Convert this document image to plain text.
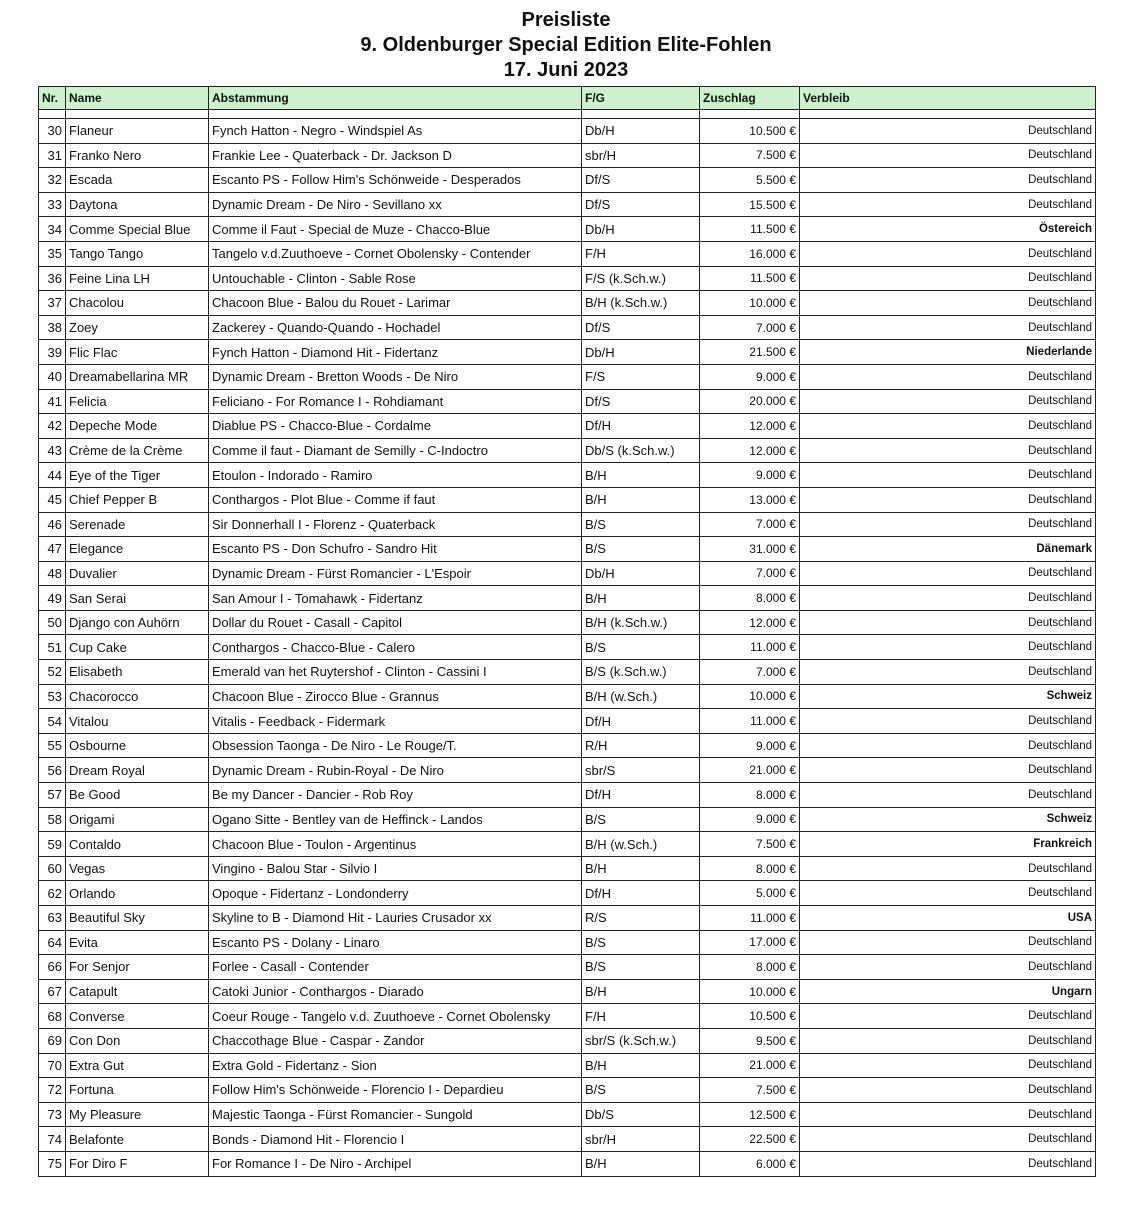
Preisliste
9. Oldenburger Special Edition Elite-Fohlen
17. Juni 2023
Nr.	Name	Abstammung	F/G	Zuschlag	Verbleib

30	Flaneur	Fynch Hatton - Negro - Windspiel As	Db/H	10.500 €	Deutschland
31	Franko Nero	Frankie Lee - Quaterback - Dr. Jackson D	sbr/H	7.500 €	Deutschland
32	Escada	Escanto PS - Follow Him's Schönweide - Desperados	Df/S	5.500 €	Deutschland
33	Daytona	Dynamic Dream - De Niro - Sevillano xx	Df/S	15.500 €	Deutschland
34	Comme Special Blue	Comme il Faut - Special de Muze - Chacco-Blue	Db/H	11.500 €	Östereich
35	Tango Tango	Tangelo v.d.Zuuthoeve - Cornet Obolensky - Contender	F/H	16.000 €	Deutschland
36	Feine Lina LH	Untouchable - Clinton - Sable Rose	F/S (k.Sch.w.)	11.500 €	Deutschland
37	Chacolou	Chacoon Blue - Balou du Rouet - Larimar	B/H (k.Sch.w.)	10.000 €	Deutschland
38	Zoey	Zackerey - Quando-Quando - Hochadel	Df/S	7.000 €	Deutschland
39	Flic Flac	Fynch Hatton - Diamond Hit - Fidertanz	Db/H	21.500 €	Niederlande
40	Dreamabellarina MR	Dynamic Dream - Bretton Woods - De Niro	F/S	9.000 €	Deutschland
41	Felicia	Feliciano - For Romance I - Rohdiamant	Df/S	20.000 €	Deutschland
42	Depeche Mode	Diablue PS - Chacco-Blue - Cordalme	Df/H	12.000 €	Deutschland
43	Crème de la Crème	Comme il faut - Diamant de Semilly - C-Indoctro	Db/S (k.Sch.w.)	12.000 €	Deutschland
44	Eye of the Tiger	Etoulon - Indorado - Ramiro	B/H	9.000 €	Deutschland
45	Chief Pepper B	Conthargos - Plot Blue - Comme if faut	B/H	13.000 €	Deutschland
46	Serenade	Sir Donnerhall I - Florenz - Quaterback	B/S	7.000 €	Deutschland
47	Elegance	Escanto PS - Don Schufro - Sandro Hit	B/S	31.000 €	Dänemark
48	Duvalier	Dynamic Dream - Fürst Romancier - L'Espoir	Db/H	7.000 €	Deutschland
49	San Serai	San Amour I - Tomahawk - Fidertanz	B/H	8.000 €	Deutschland
50	Django con Auhörn	Dollar du Rouet - Casall - Capitol	B/H (k.Sch.w.)	12.000 €	Deutschland
51	Cup Cake	Conthargos - Chacco-Blue - Calero	B/S	11.000 €	Deutschland
52	Elisabeth	Emerald van het Ruytershof - Clinton - Cassini I	B/S (k.Sch.w.)	7.000 €	Deutschland
53	Chacorocco	Chacoon Blue - Zirocco Blue - Grannus	B/H (w.Sch.)	10.000 €	Schweiz
54	Vitalou	Vitalis - Feedback - Fidermark	Df/H	11.000 €	Deutschland
55	Osbourne	Obsession Taonga - De Niro - Le Rouge/T.	R/H	9.000 €	Deutschland
56	Dream Royal	Dynamic Dream - Rubin-Royal - De Niro	sbr/S	21.000 €	Deutschland
57	Be Good	Be my Dancer - Dancier - Rob Roy	Df/H	8.000 €	Deutschland
58	Origami	Ogano Sitte - Bentley van de Heffinck - Landos	B/S	9.000 €	Schweiz
59	Contaldo	Chacoon Blue - Toulon - Argentinus	B/H (w.Sch.)	7.500 €	Frankreich
60	Vegas	Vingino - Balou Star - Silvio I	B/H	8.000 €	Deutschland
62	Orlando	Opoque - Fidertanz - Londonderry	Df/H	5.000 €	Deutschland
63	Beautiful Sky	Skyline to B - Diamond Hit - Lauries Crusador xx	R/S	11.000 €	USA
64	Evita	Escanto PS - Dolany - Linaro	B/S	17.000 €	Deutschland
66	For Senjor	Forlee - Casall - Contender	B/S	8.000 €	Deutschland
67	Catapult	Catoki Junior - Conthargos - Diarado	B/H	10.000 €	Ungarn
68	Converse	Coeur Rouge - Tangelo v.d. Zuuthoeve - Cornet Obolensky	F/H	10.500 €	Deutschland
69	Con Don	Chaccothage Blue - Caspar - Zandor	sbr/S (k.Sch.w.)	9.500 €	Deutschland
70	Extra Gut	Extra Gold - Fidertanz - Sion	B/H	21.000 €	Deutschland
72	Fortuna	Follow Him's Schönweide - Florencio I - Depardieu	B/S	7.500 €	Deutschland
73	My Pleasure	Majestic Taonga - Fürst Romancier - Sungold	Db/S	12.500 €	Deutschland
74	Belafonte	Bonds - Diamond Hit - Florencio I	sbr/H	22.500 €	Deutschland
75	For Diro F	For Romance I - De Niro - Archipel	B/H	6.000 €	Deutschland
